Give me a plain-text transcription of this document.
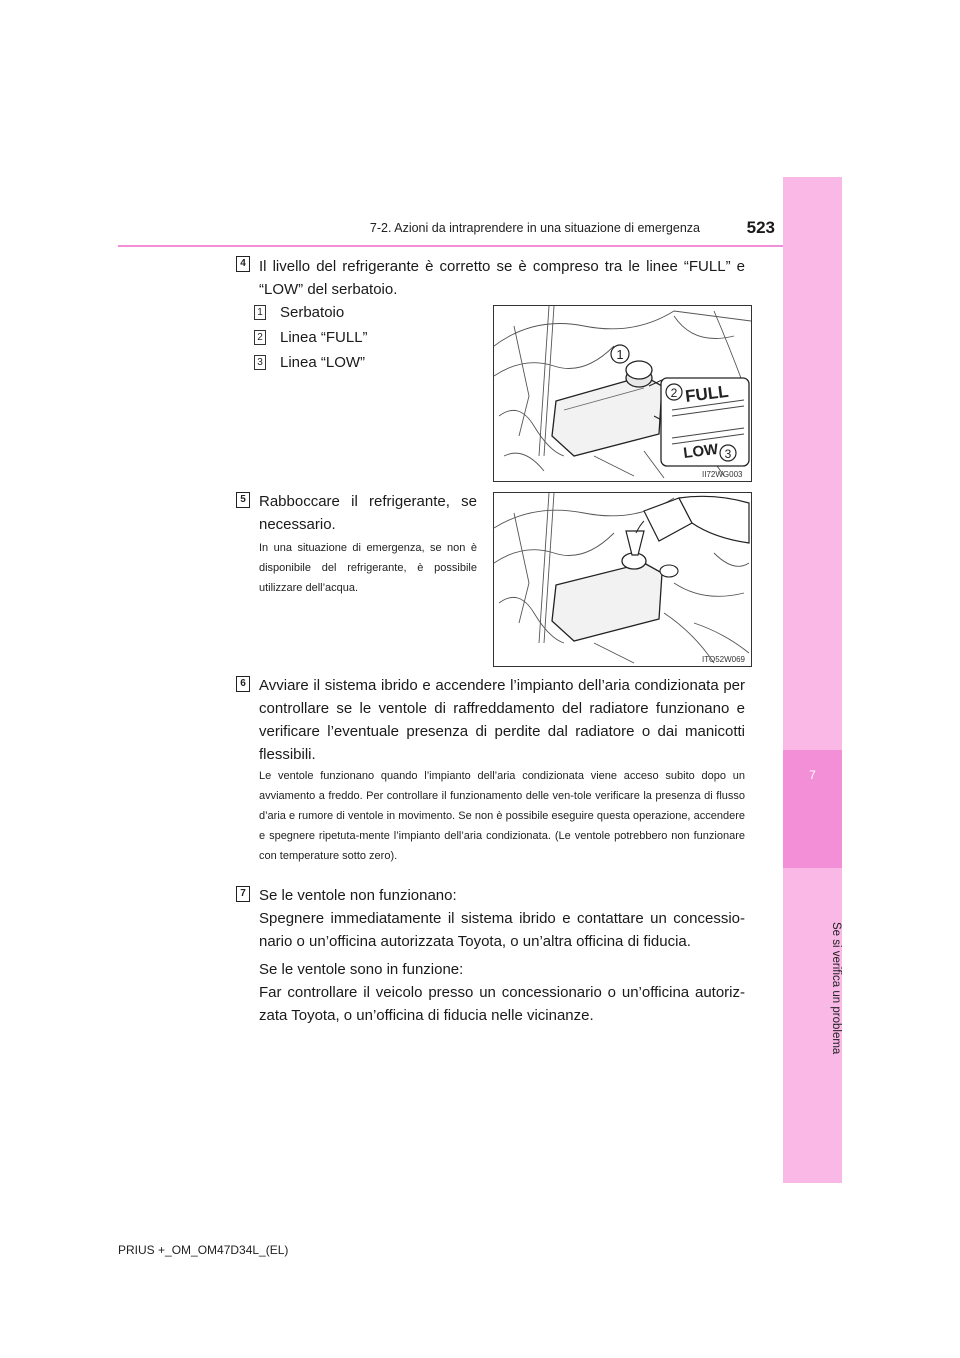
7
Se si verifica un problema
7-2. Azioni da intraprendere in una situazione di emergenza	523
4 Il livello del refrigerante è corretto se è compreso tra le linee “FULL” e “LOW” del serbatoio.
1 Serbatoio
2 Linea “FULL”
3 Linea “LOW”	1
2 FULL
LOW 3
II72WG003
5 Rabboccare il refrigerante, se necessario.
In una situazione di emergenza, se non è disponibile del refrigerante, è possibile utilizzare dell’acqua.
ITO52W069
6 Avviare il sistema ibrido e accendere l’impianto dell’aria condizionata per controllare se le ventole di raffreddamento del radiatore funzionano e verificare l’eventuale presenza di perdite dal radiatore o dai manicotti flessibili.
Le ventole funzionano quando l’impianto dell’aria condizionata viene acceso subito dopo un avviamento a freddo. Per controllare il funzionamento delle ven-tole verificare la presenza di flusso d’aria e rumore di ventole in movimento. Se non è possibile eseguire questa operazione, accendere e spegnere ripetuta-mente l’impianto dell’aria condizionata. (Le ventole potrebbero non funzionare con temperature sotto zero).
7 Se le ventole non funzionano:
Spegnere immediatamente il sistema ibrido e contattare un concessio-nario o un’officina autorizzata Toyota, o un’altra officina di fiducia.
Se le ventole sono in funzione:
Far controllare il veicolo presso un concessionario o un’officina autoriz-zata Toyota, o un’officina di fiducia nelle vicinanze.
PRIUS +_OM_OM47D34L_(EL)
